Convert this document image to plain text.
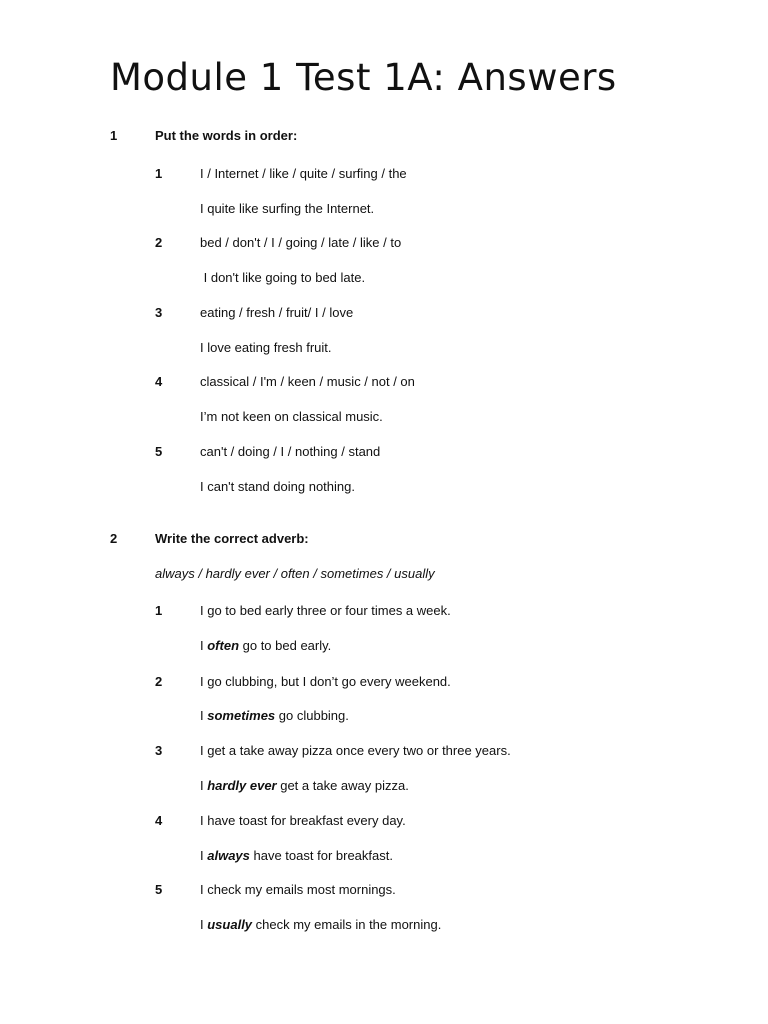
Module 1 Test 1A: Answers
1	Put the words in order:
1	I / Internet / like / quite / surfing / the
I quite like surfing the Internet.
2	bed / don't / I / going / late / like / to
I don't like going to bed late.
3	eating / fresh / fruit/ I / love
I love eating fresh fruit.
4	classical / I'm / keen / music / not / on
I’m not keen on classical music.
5	can't / doing / I / nothing / stand
I can't stand doing nothing.
2	Write the correct adverb:
always / hardly ever / often / sometimes / usually
1	I go to bed early three or four times a week.
I often go to bed early.
2	I go clubbing, but I don’t go every weekend.
I sometimes go clubbing.
3	I get a take away pizza once every two or three years.
I hardly ever get a take away pizza.
4	I have toast for breakfast every day.
I always have toast for breakfast.
5	I check my emails most mornings.
I usually check my emails in the morning.
